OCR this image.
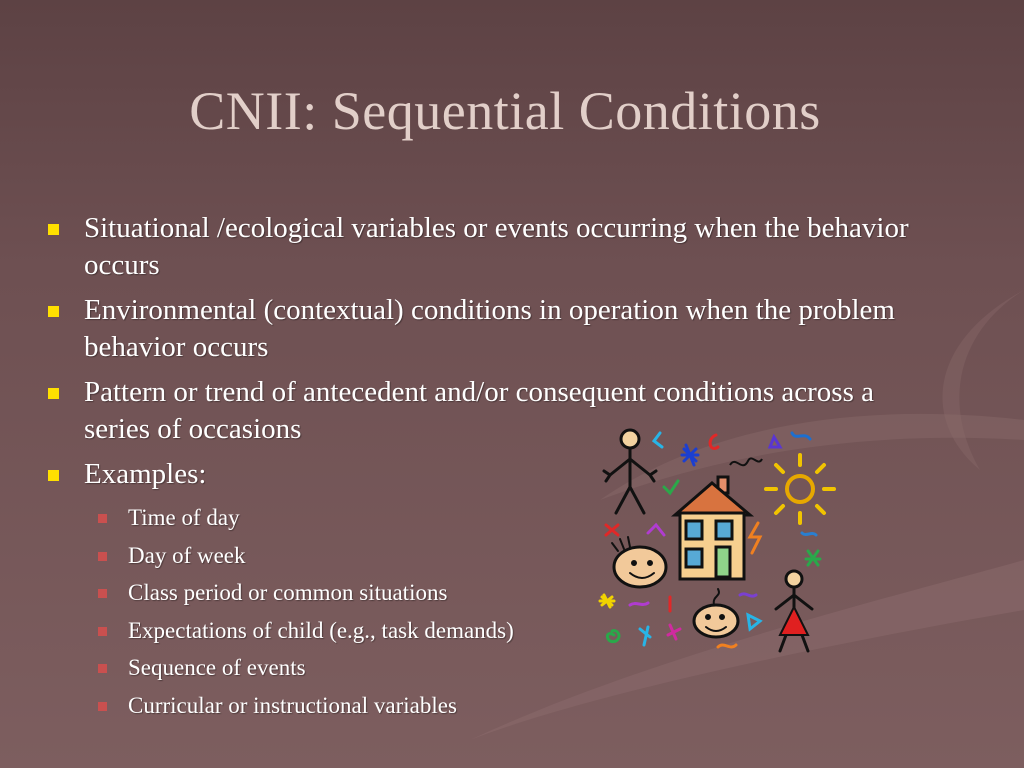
CNII: Sequential Conditions
Situational /ecological variables or events occurring when the behavior occurs
Environmental (contextual) conditions in operation when the problem behavior occurs
Pattern or trend of antecedent and/or consequent conditions across a series of occasions
Examples:
Time of day
Day of week
Class period or common situations
Expectations of child (e.g., task demands)
Sequence of events
Curricular or instructional variables
